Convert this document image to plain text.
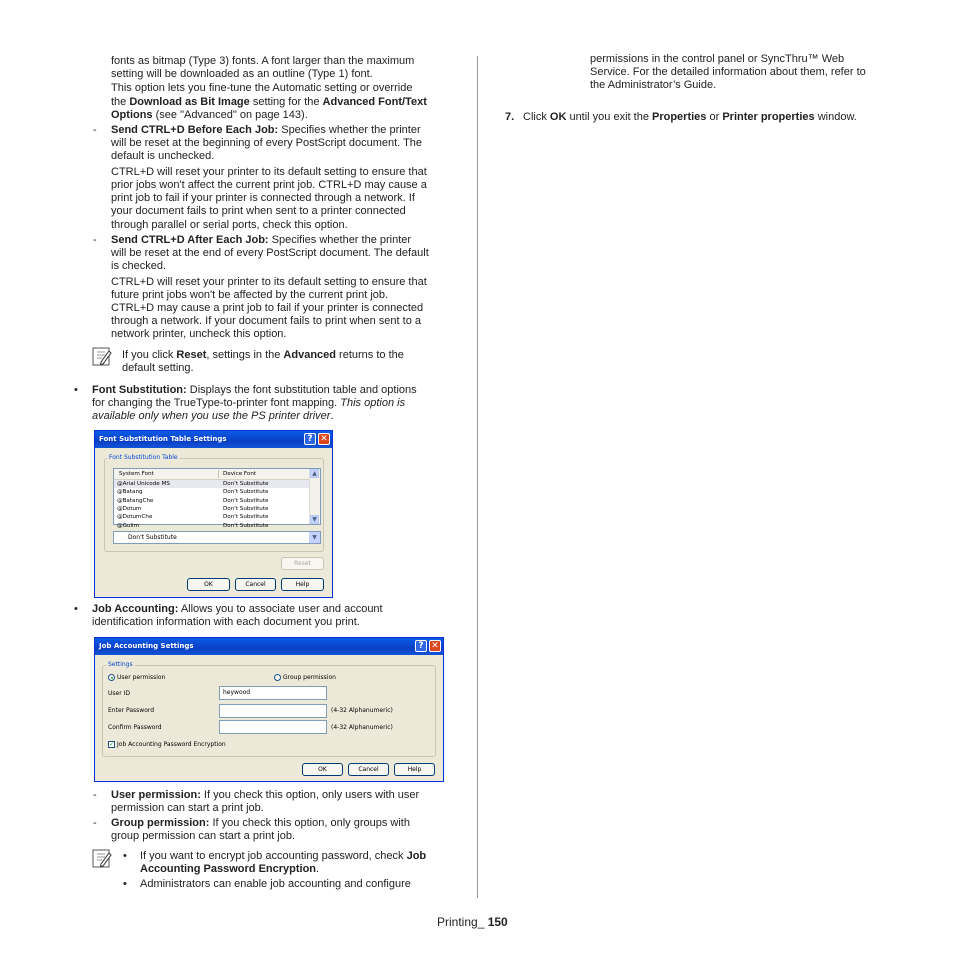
fonts as bitmap (Type 3) fonts. A font larger than the maximum

setting will be downloaded as an outline (Type 1) font.

This option lets you fine-tune the Automatic setting or override

the Download as Bit Image setting for the Advanced Font/Text

Options (see "Advanced" on page 143).

- Send CTRL+D Before Each Job: Specifies whether the printer

will be reset at the beginning of every PostScript document. The

default is unchecked.

CTRL+D will reset your printer to its default setting to ensure that

prior jobs won't affect the current print job. CTRL+D may cause a

print job to fail if your printer is connected through a network. If

your document fails to print when sent to a printer connected

through parallel or serial ports, check this option.

- Send CTRL+D After Each Job: Specifies whether the printer

will be reset at the end of every PostScript document. The default

is checked.

CTRL+D will reset your printer to its default setting to ensure that

future print jobs won't be affected by the current print job.

CTRL+D may cause a print job to fail if your printer is connected

through a network. If your document fails to print when sent to a

network printer, uncheck this option.

If you click Reset, settings in the Advanced returns to the

default setting.

• Font Substitution: Displays the font substitution table and options

for changing the TrueType-to-printer font mapping. This option is

available only when you use the PS printer driver.

Font Substitution Table Settings	? ✕
Font Substitution Table
System Font	Device Font
@Arial Unicode MS	Don't Substitute
@Batang	Don't Substitute
@BatangChe	Don't Substitute
@Dotum	Don't Substitute
@DotumChe	Don't Substitute
@Gulim	Don't Substitute
▲
▼
Don't Substitute	▼
Reset
OK	Cancel	Help
• Job Accounting: Allows you to associate user and account

identification information with each document you print.

Job Accounting Settings	? ✕
Settings
User permission	Group permission
User ID	heywood
Enter Password	(4-32 Alphanumeric)
Confirm Password	(4-32 Alphanumeric)
✓ Job Accounting Password Encryption
OK	Cancel	Help
- User permission: If you check this option, only users with user

permission can start a print job.

- Group permission: If you check this option, only groups with

group permission can start a print job.

• If you want to encrypt job accounting password, check Job

Accounting Password Encryption.

• Administrators can enable job accounting and configure

permissions in the control panel or SyncThru™ Web

Service. For the detailed information about them, refer to

the Administrator’s Guide.

7. Click OK until you exit the Properties or Printer properties window.

Printing_ 150
